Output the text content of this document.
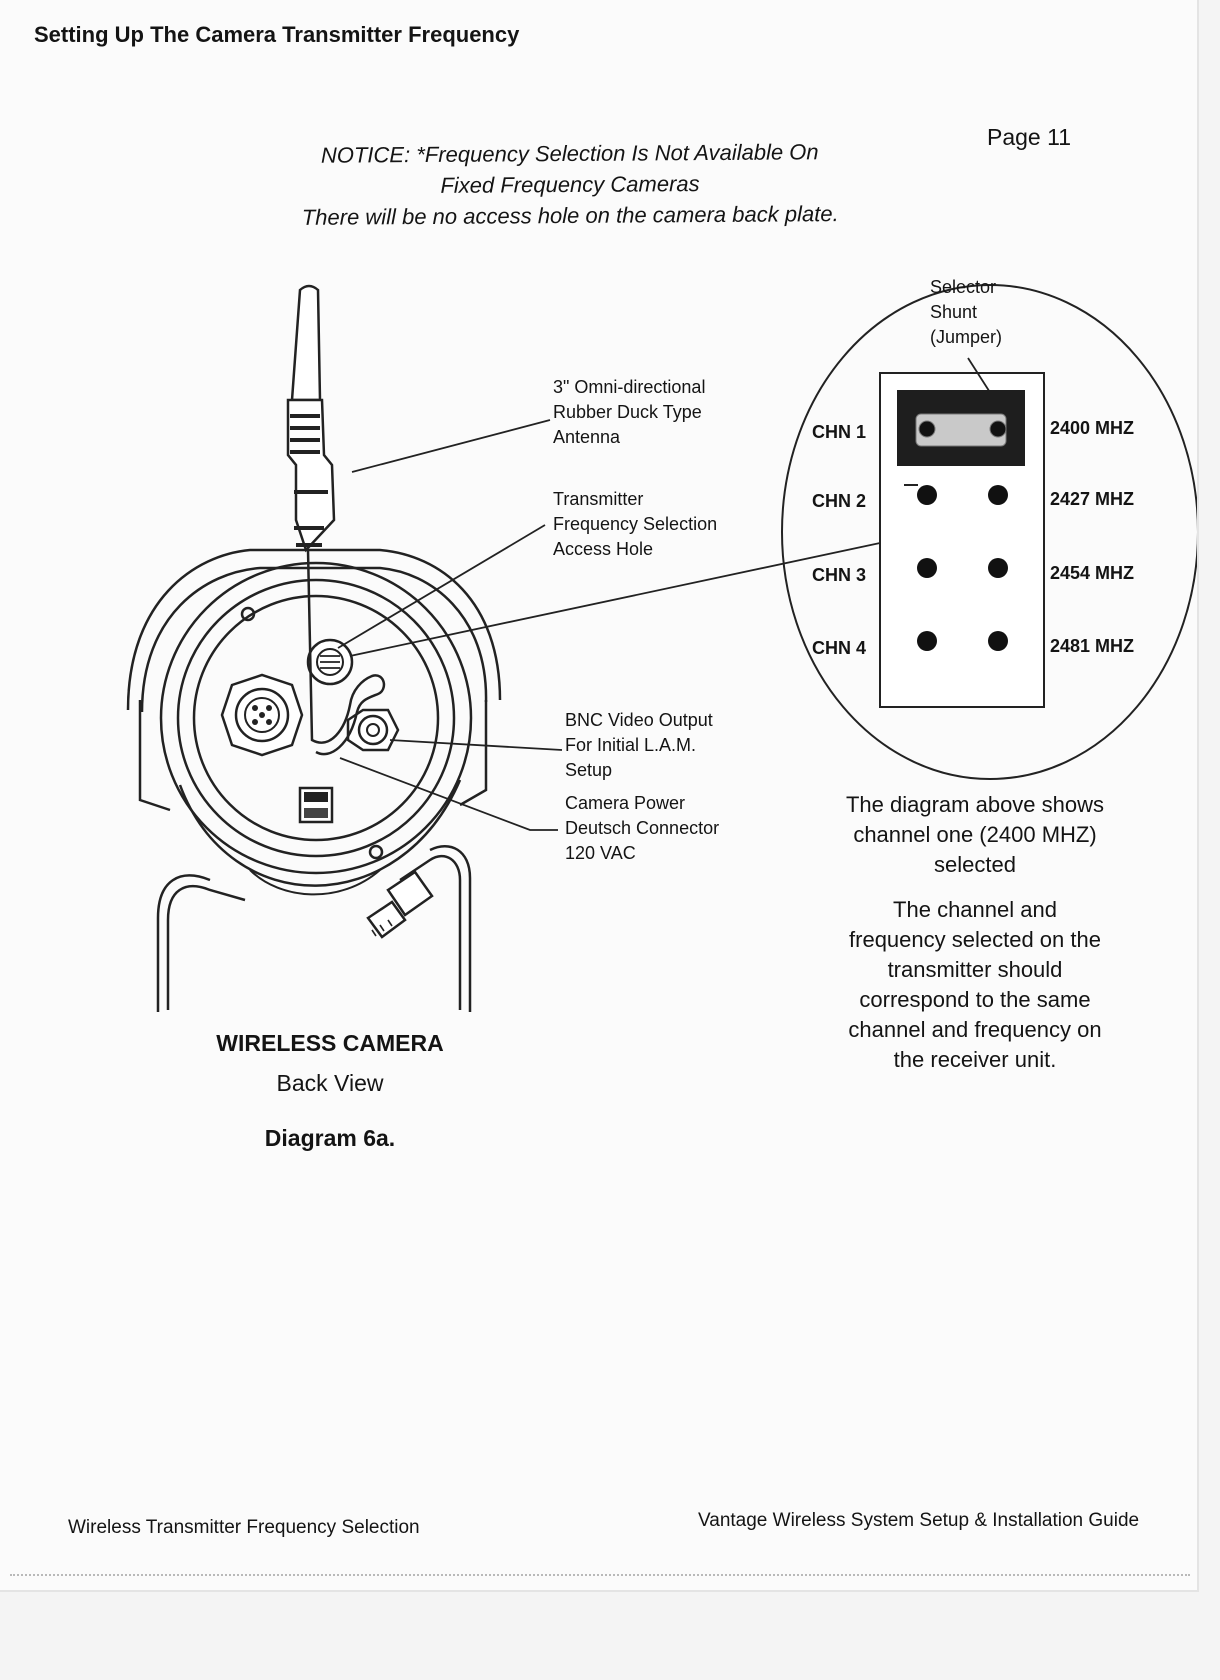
Setting Up The Camera Transmitter Frequency
Page 11
NOTICE: *Frequency Selection Is Not Available On
Fixed Frequency Cameras
There will be no access hole on the camera back plate.
3" Omni-directional
Rubber Duck Type
Antenna
Transmitter
Frequency Selection
Access Hole
BNC Video Output
For Initial L.A.M.
Setup
Camera Power
Deutsch Connector
120 VAC
WIRELESS CAMERA
Back View
Diagram 6a.
Selector
Shunt
(Jumper)
CHN 1
CHN 2
CHN 3
CHN 4
2400 MHZ
2427 MHZ
2454 MHZ
2481 MHZ
The diagram above shows
channel one (2400 MHZ)
selected
The channel and
frequency selected on the
transmitter should
correspond to the same
channel and frequency on
the receiver unit.
Wireless Transmitter Frequency Selection	Vantage Wireless System Setup & Installation Guide
